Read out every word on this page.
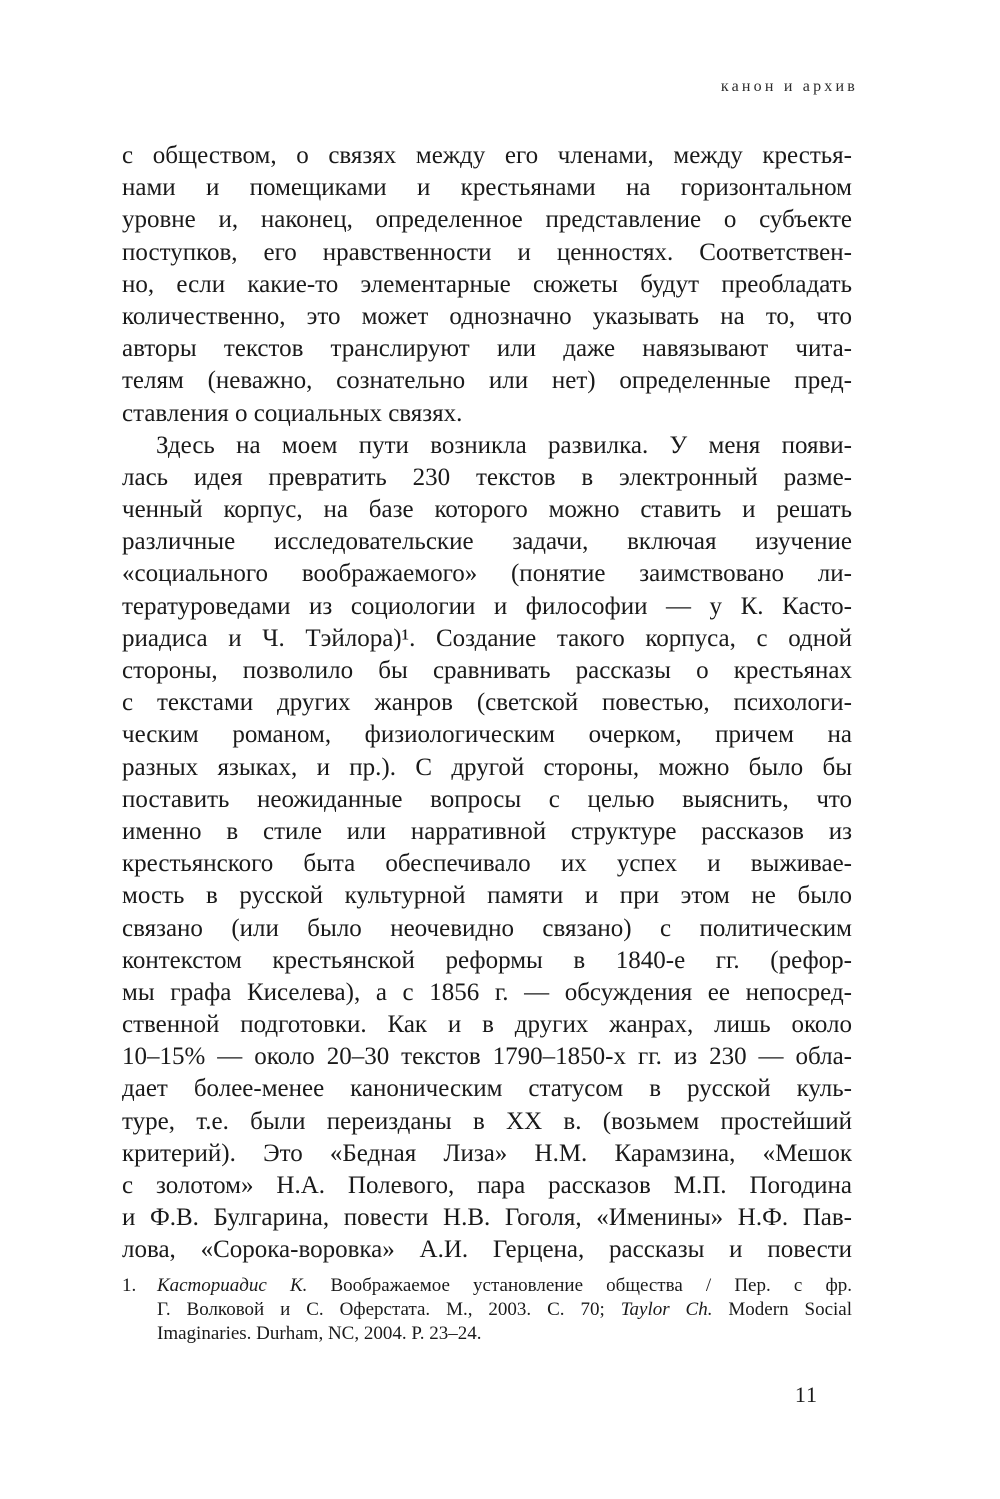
канон и архив
с обществом, о связях между его членами, между крестья-
нами и помещиками и крестьянами на горизонтальном
уровне и, наконец, определенное представление о субъекте
поступков, его нравственности и ценностях. Соответствен-
но, если какие-то элементарные сюжеты будут преобладать
количественно, это может однозначно указывать на то, что
авторы текстов транслируют или даже навязывают чита-
телям (неважно, сознательно или нет) определенные пред-
ставления о социальных связях.
Здесь на моем пути возникла развилка. У меня появи-
лась идея превратить 230 текстов в электронный разме-
ченный корпус, на базе которого можно ставить и решать
различные исследовательские задачи, включая изучение
«социального воображаемого» (понятие заимствовано ли-
тературоведами из социологии и философии — у К. Касто-
риадиса и Ч. Тэйлора)¹. Создание такого корпуса, с одной
стороны, позволило бы сравнивать рассказы о крестьянах
с текстами других жанров (светской повестью, психологи-
ческим романом, физиологическим очерком, причем на
разных языках, и пр.). С другой стороны, можно было бы
поставить неожиданные вопросы с целью выяснить, что
именно в стиле или нарративной структуре рассказов из
крестьянского быта обеспечивало их успех и выживае-
мость в русской культурной памяти и при этом не было
связано (или было неочевидно связано) с политическим
контекстом крестьянской реформы в 1840-е гг. (рефор-
мы графа Киселева), а с 1856 г. — обсуждения ее непосред-
ственной подготовки. Как и в других жанрах, лишь около
10–15% — около 20–30 текстов 1790–1850-х гг. из 230 — обла-
дает более-менее каноническим статусом в русской куль-
туре, т.е. были переизданы в XX в. (возьмем простейший
критерий). Это «Бедная Лиза» Н.М. Карамзина, «Мешок
с золотом» Н.А. Полевого, пара рассказов М.П. Погодина
и Ф.В. Булгарина, повести Н.В. Гоголя, «Именины» Н.Ф. Пав-
лова, «Сорока-воровка» А.И. Герцена, рассказы и повести
1. Касториадис К. Воображаемое установление общества / Пер. с фр.
Г. Волковой и С. Оферстата. М., 2003. С. 70; Taylor Ch. Modern Social
Imaginaries. Durham, NC, 2004. P. 23–24.
11
